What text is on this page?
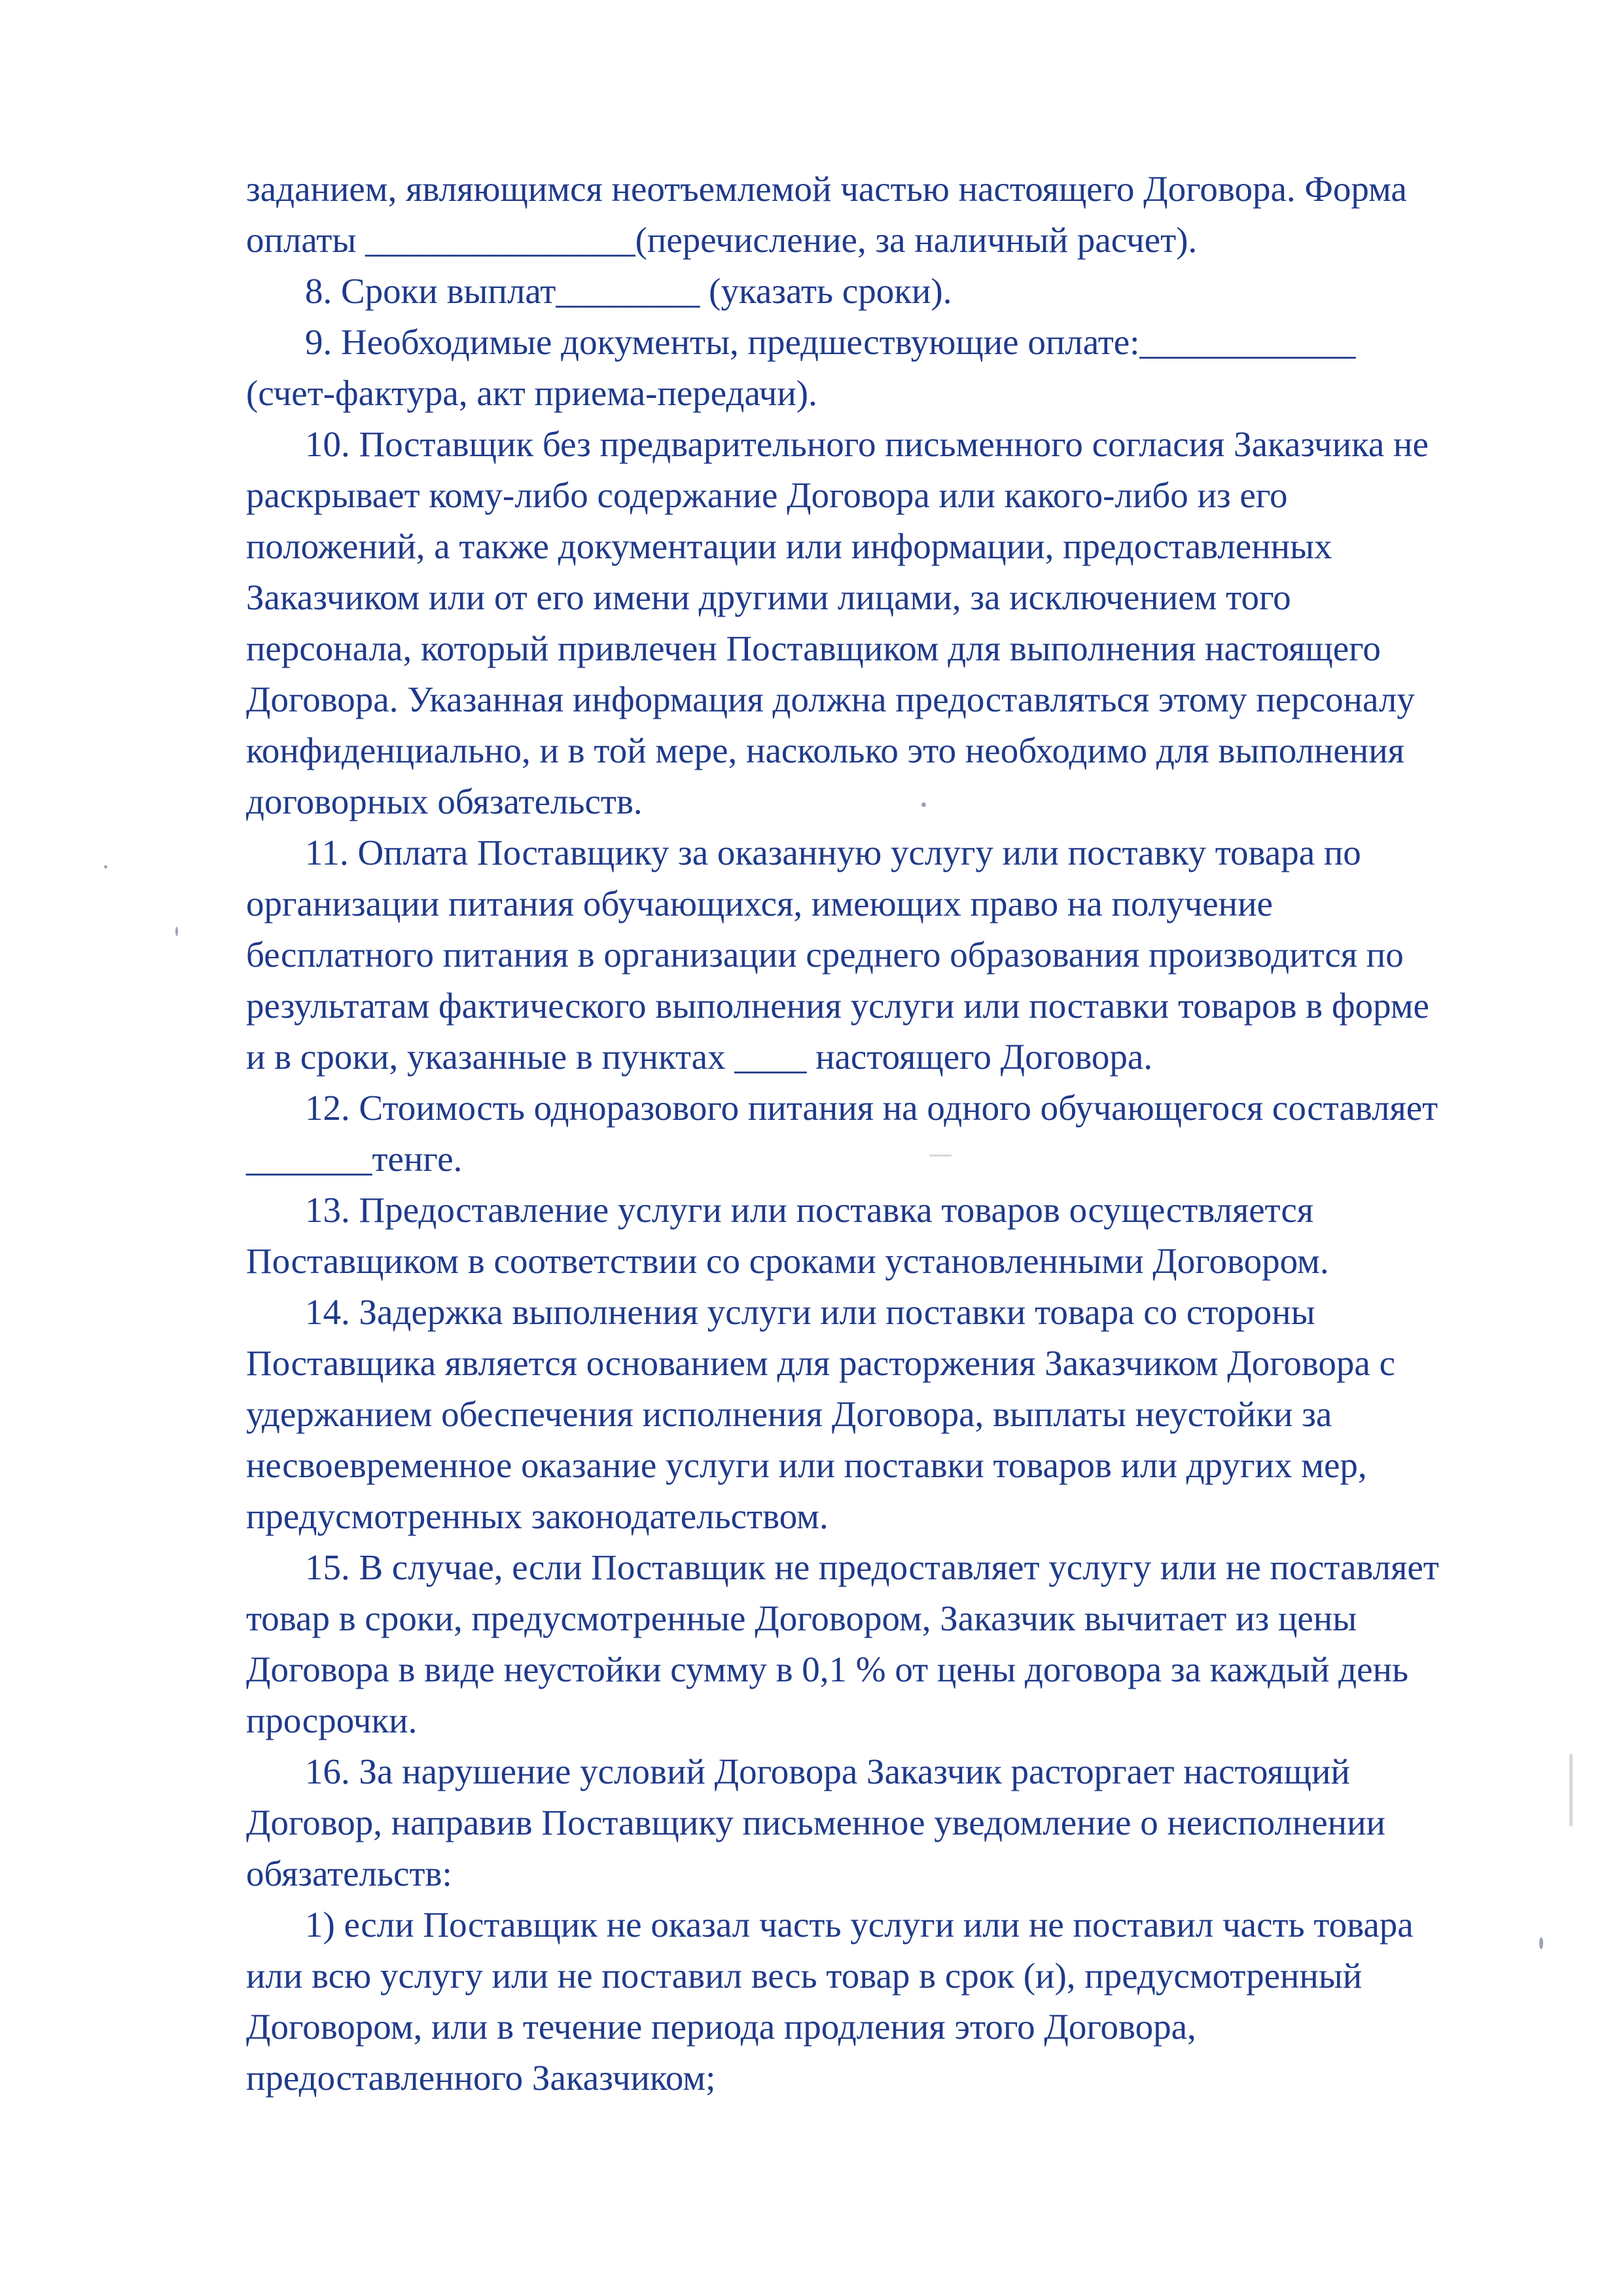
заданием, являющимся неотъемлемой частью настоящего Договора. Форма
оплаты _______________(перечисление, за наличный расчет).
8. Сроки выплат________ (указать сроки).
9. Необходимые документы, предшествующие оплате:____________
(счет-фактура, акт приема-передачи).
10. Поставщик без предварительного письменного согласия Заказчика не
раскрывает кому-либо содержание Договора или какого-либо из его
положений, а также документации или информации, предоставленных
Заказчиком или от его имени другими лицами, за исключением того
персонала, который привлечен Поставщиком для выполнения настоящего
Договора. Указанная информация должна предоставляться этому персоналу
конфиденциально, и в той мере, насколько это необходимо для выполнения
договорных обязательств.
11. Оплата Поставщику за оказанную услугу или поставку товара по
организации питания обучающихся, имеющих право на получение
бесплатного питания в организации среднего образования производится по
результатам фактического выполнения услуги или поставки товаров в форме
и в сроки, указанные в пунктах ____ настоящего Договора.
12. Стоимость одноразового питания на одного обучающегося составляет
_______тенге.
13. Предоставление услуги или поставка товаров осуществляется
Поставщиком в соответствии со сроками установленными Договором.
14. Задержка выполнения услуги или поставки товара со стороны
Поставщика является основанием для расторжения Заказчиком Договора с
удержанием обеспечения исполнения Договора, выплаты неустойки за
несвоевременное оказание услуги или поставки товаров или других мер,
предусмотренных законодательством.
15. В случае, если Поставщик не предоставляет услугу или не поставляет
товар в сроки, предусмотренные Договором, Заказчик вычитает из цены
Договора в виде неустойки сумму в 0,1 % от цены договора за каждый день
просрочки.
16. За нарушение условий Договора Заказчик расторгает настоящий
Договор, направив Поставщику письменное уведомление о неисполнении
обязательств:
1) если Поставщик не оказал часть услуги или не поставил часть товара
или всю услугу или не поставил весь товар в срок (и), предусмотренный
Договором, или в течение периода продления этого Договора,
предоставленного Заказчиком;
